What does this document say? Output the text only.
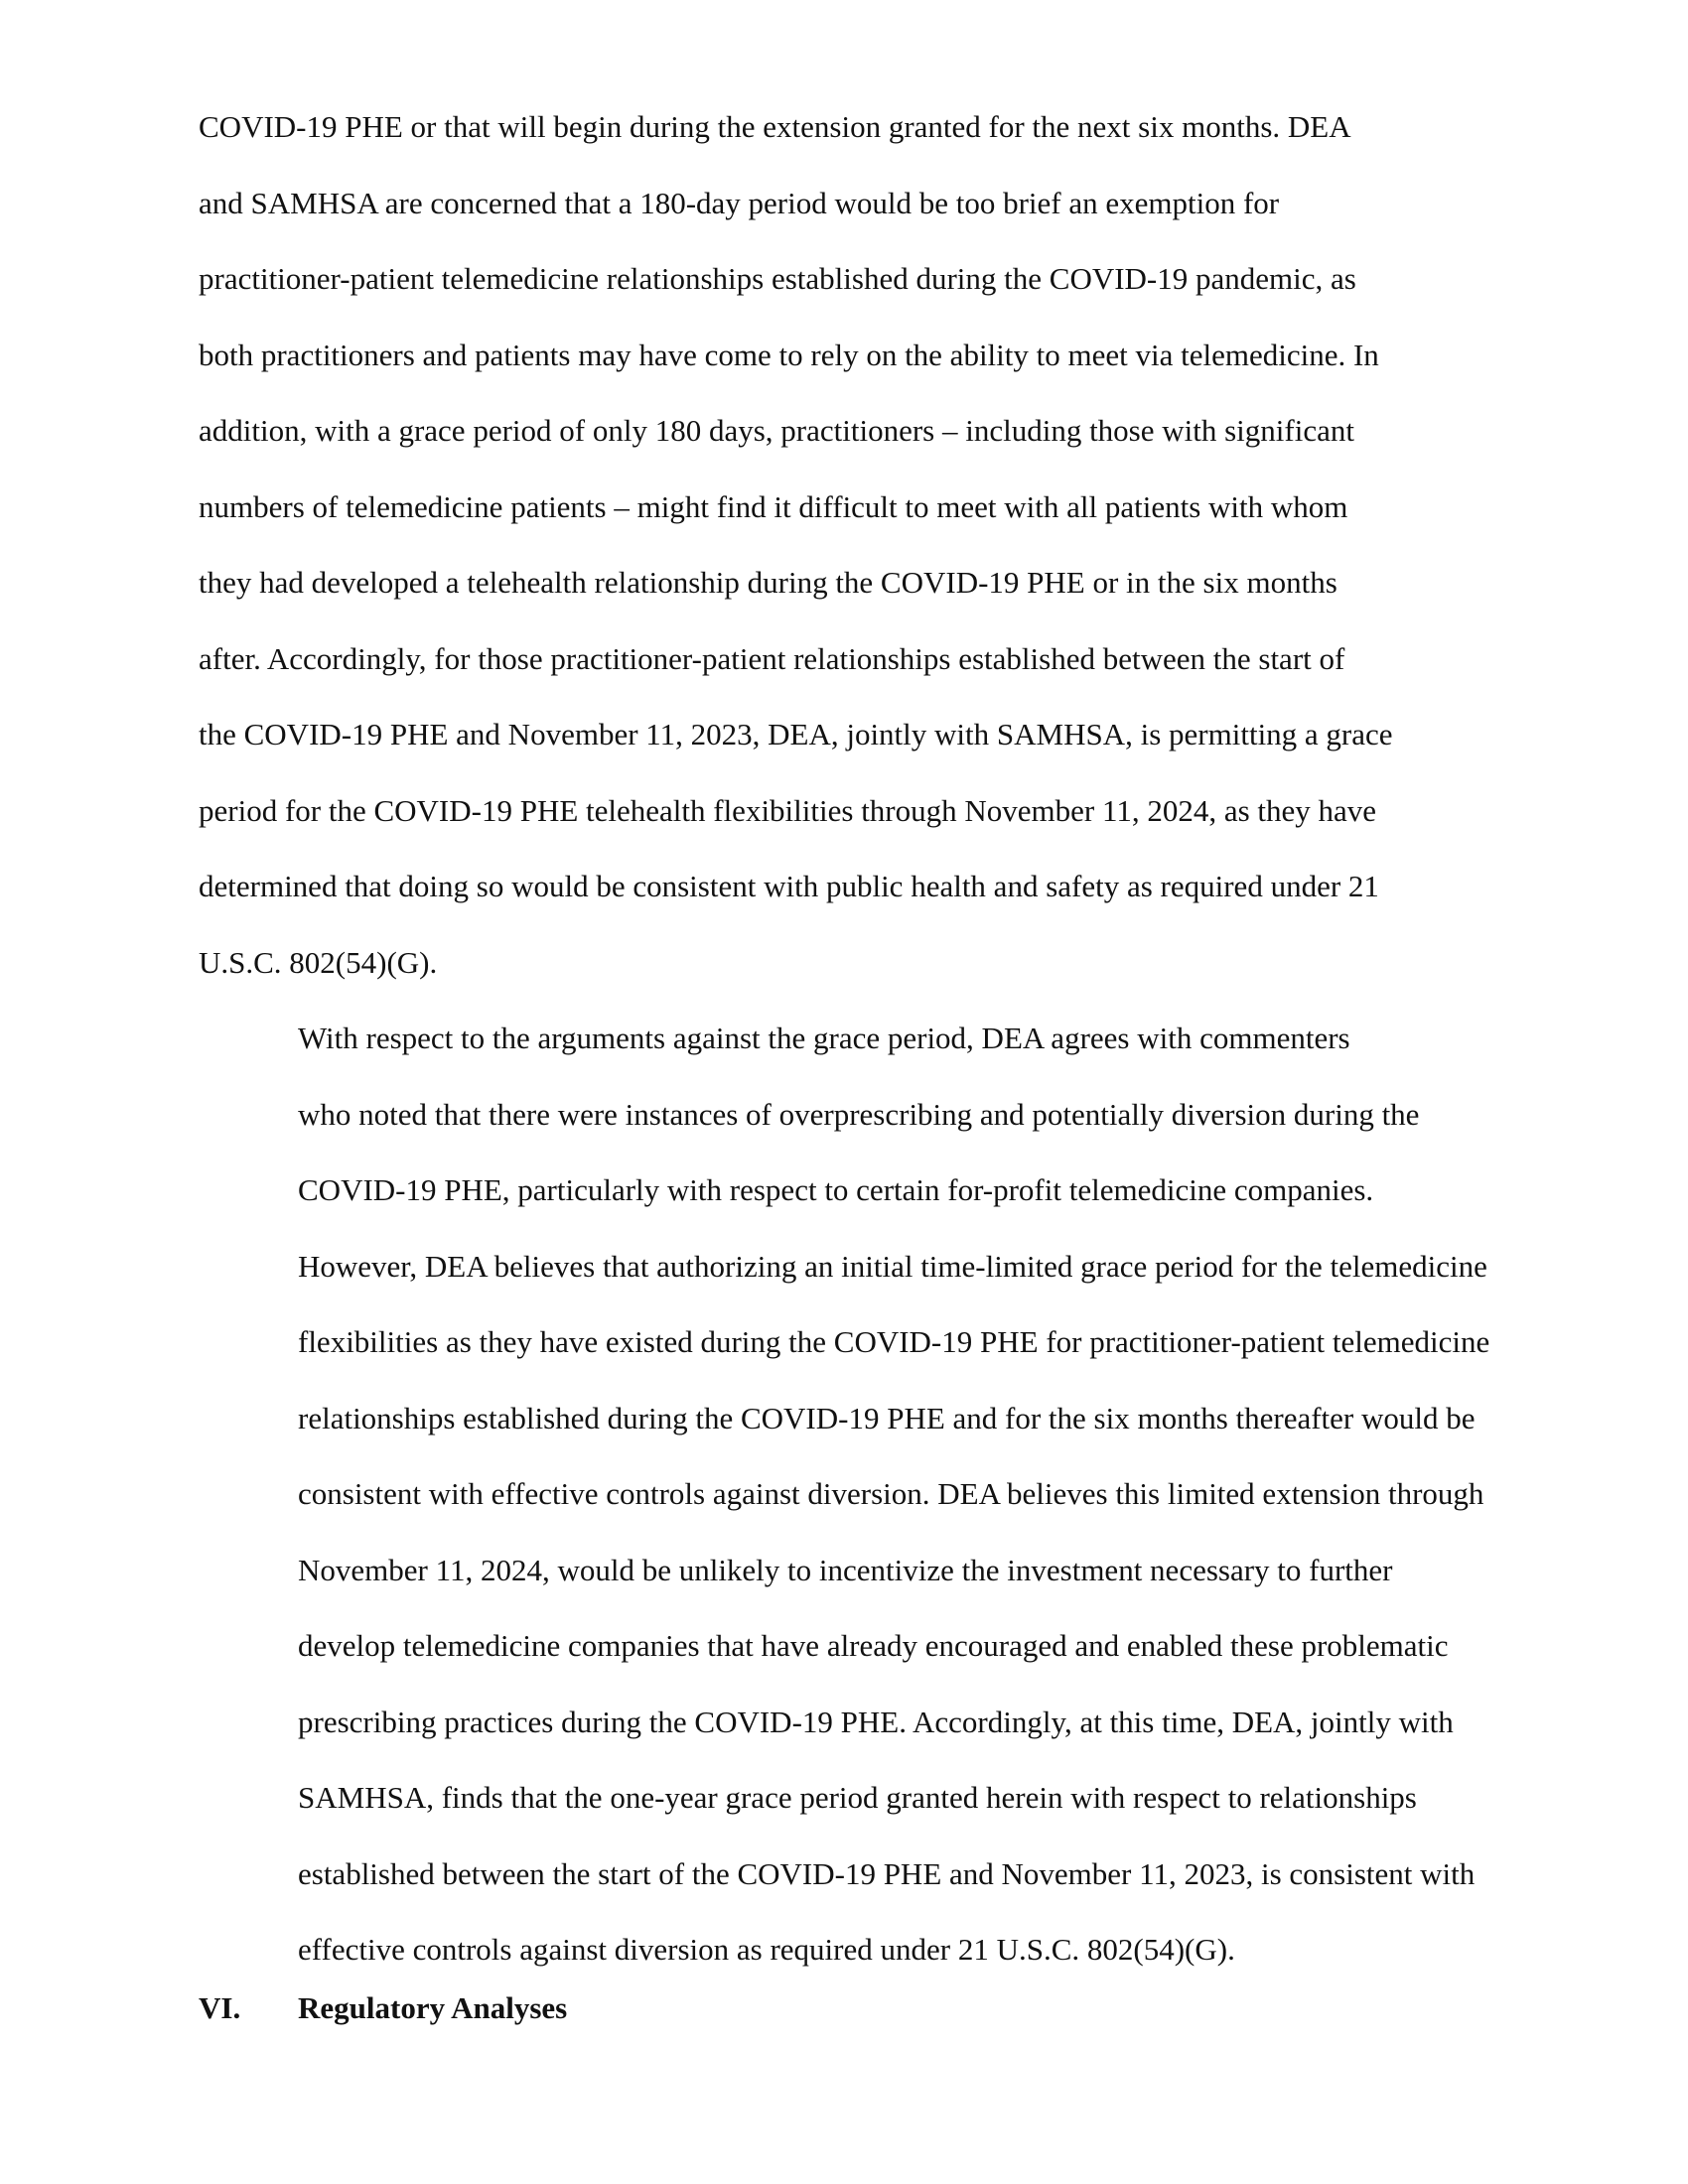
COVID-19 PHE or that will begin during the extension granted for the next six months. DEA
and SAMHSA are concerned that a 180-day period would be too brief an exemption for
practitioner-patient telemedicine relationships established during the COVID-19 pandemic, as
both practitioners and patients may have come to rely on the ability to meet via telemedicine. In
addition, with a grace period of only 180 days, practitioners – including those with significant
numbers of telemedicine patients – might find it difficult to meet with all patients with whom
they had developed a telehealth relationship during the COVID-19 PHE or in the six months
after. Accordingly, for those practitioner-patient relationships established between the start of
the COVID-19 PHE and November 11, 2023, DEA, jointly with SAMHSA, is permitting a grace
period for the COVID-19 PHE telehealth flexibilities through November 11, 2024, as they have
determined that doing so would be consistent with public health and safety as required under 21
U.S.C. 802(54)(G).
With respect to the arguments against the grace period, DEA agrees with commenters
who noted that there were instances of overprescribing and potentially diversion during the
COVID-19 PHE, particularly with respect to certain for-profit telemedicine companies.
However, DEA believes that authorizing an initial time-limited grace period for the telemedicine
flexibilities as they have existed during the COVID-19 PHE for practitioner-patient telemedicine
relationships established during the COVID-19 PHE and for the six months thereafter would be
consistent with effective controls against diversion. DEA believes this limited extension through
November 11, 2024, would be unlikely to incentivize the investment necessary to further
develop telemedicine companies that have already encouraged and enabled these problematic
prescribing practices during the COVID-19 PHE. Accordingly, at this time, DEA, jointly with
SAMHSA, finds that the one-year grace period granted herein with respect to relationships
established between the start of the COVID-19 PHE and November 11, 2023, is consistent with
effective controls against diversion as required under 21 U.S.C. 802(54)(G).
VI. Regulatory Analyses
